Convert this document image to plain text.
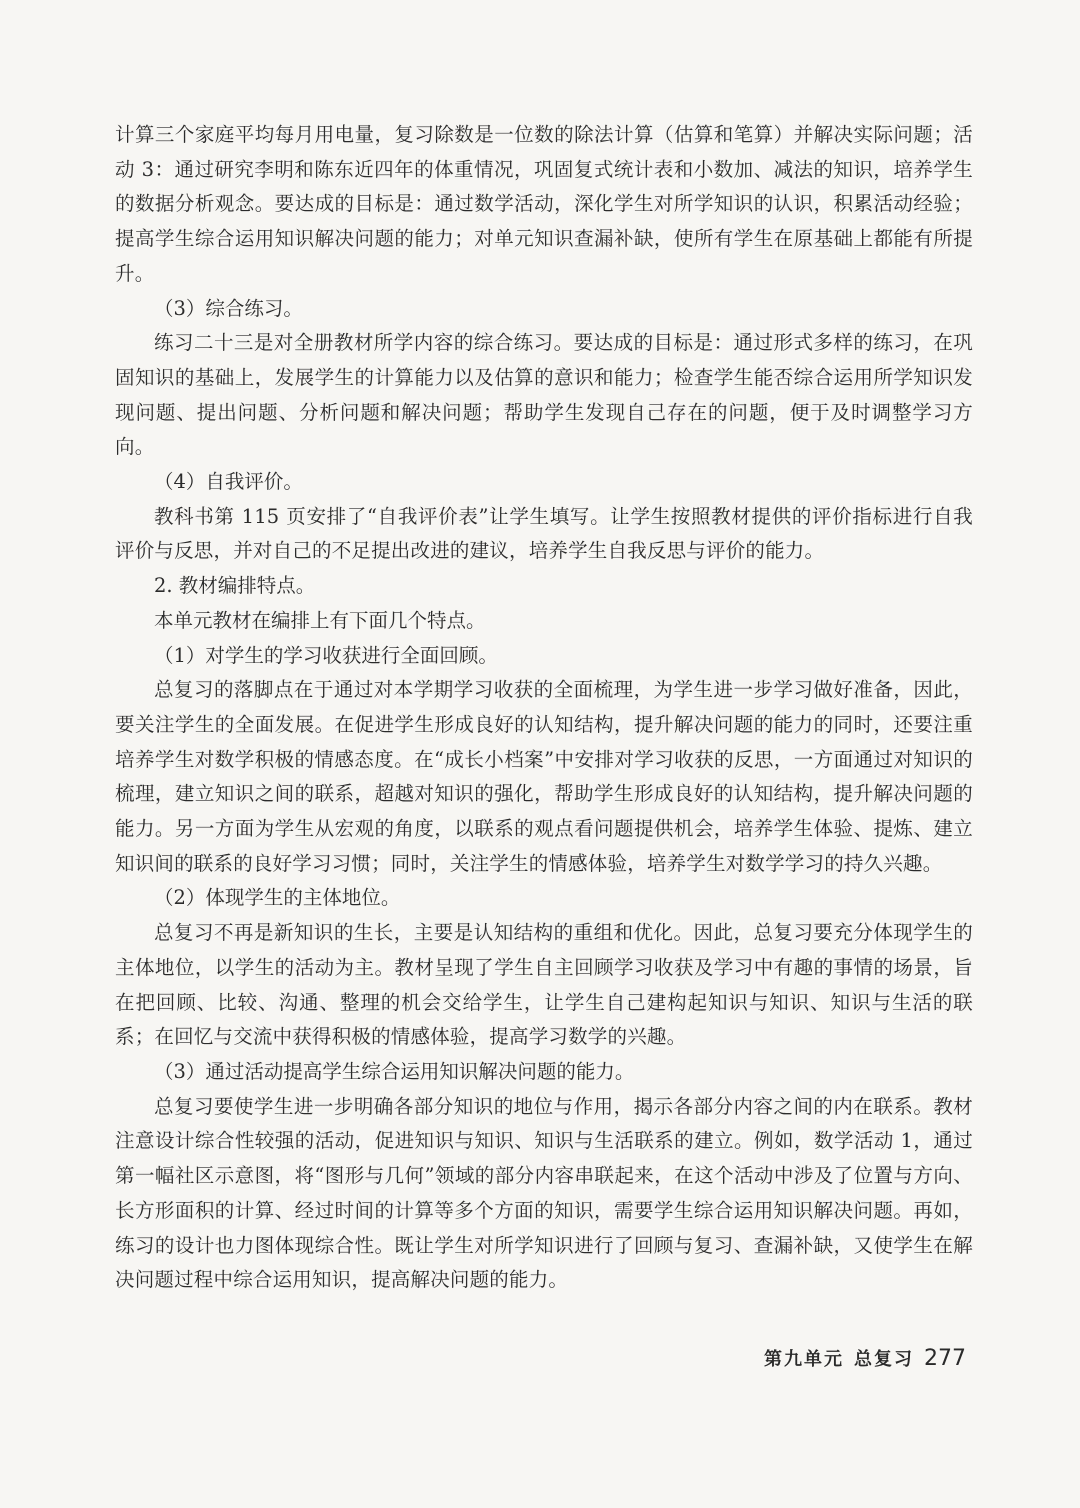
计算三个家庭平均每月用电量，复习除数是一位数的除法计算（估算和笔算）并解决实际问题；活动 3：通过研究李明和陈东近四年的体重情况，巩固复式统计表和小数加、减法的知识，培养学生的数据分析观念。要达成的目标是：通过数学活动，深化学生对所学知识的认识，积累活动经验；提高学生综合运用知识解决问题的能力；对单元知识查漏补缺，使所有学生在原基础上都能有所提升。

（3）综合练习。

练习二十三是对全册教材所学内容的综合练习。要达成的目标是：通过形式多样的练习，在巩固知识的基础上，发展学生的计算能力以及估算的意识和能力；检查学生能否综合运用所学知识发现问题、提出问题、分析问题和解决问题；帮助学生发现自己存在的问题，便于及时调整学习方向。

（4）自我评价。

教科书第 115 页安排了“自我评价表”让学生填写。让学生按照教材提供的评价指标进行自我评价与反思，并对自己的不足提出改进的建议，培养学生自我反思与评价的能力。

2. 教材编排特点。

本单元教材在编排上有下面几个特点。

（1）对学生的学习收获进行全面回顾。

总复习的落脚点在于通过对本学期学习收获的全面梳理，为学生进一步学习做好准备，因此，要关注学生的全面发展。在促进学生形成良好的认知结构，提升解决问题的能力的同时，还要注重培养学生对数学积极的情感态度。在“成长小档案”中安排对学习收获的反思，一方面通过对知识的梳理，建立知识之间的联系，超越对知识的强化，帮助学生形成良好的认知结构，提升解决问题的能力。另一方面为学生从宏观的角度，以联系的观点看问题提供机会，培养学生体验、提炼、建立知识间的联系的良好学习习惯；同时，关注学生的情感体验，培养学生对数学学习的持久兴趣。

（2）体现学生的主体地位。

总复习不再是新知识的生长，主要是认知结构的重组和优化。因此，总复习要充分体现学生的主体地位，以学生的活动为主。教材呈现了学生自主回顾学习收获及学习中有趣的事情的场景，旨在把回顾、比较、沟通、整理的机会交给学生，让学生自己建构起知识与知识、知识与生活的联系；在回忆与交流中获得积极的情感体验，提高学习数学的兴趣。

（3）通过活动提高学生综合运用知识解决问题的能力。

总复习要使学生进一步明确各部分知识的地位与作用，揭示各部分内容之间的内在联系。教材注意设计综合性较强的活动，促进知识与知识、知识与生活联系的建立。例如，数学活动 1，通过第一幅社区示意图，将“图形与几何”领域的部分内容串联起来，在这个活动中涉及了位置与方向、长方形面积的计算、经过时间的计算等多个方面的知识，需要学生综合运用知识解决问题。再如，练习的设计也力图体现综合性。既让学生对所学知识进行了回顾与复习、查漏补缺，又使学生在解决问题过程中综合运用知识，提高解决问题的能力。

第九单元 总复习 277
